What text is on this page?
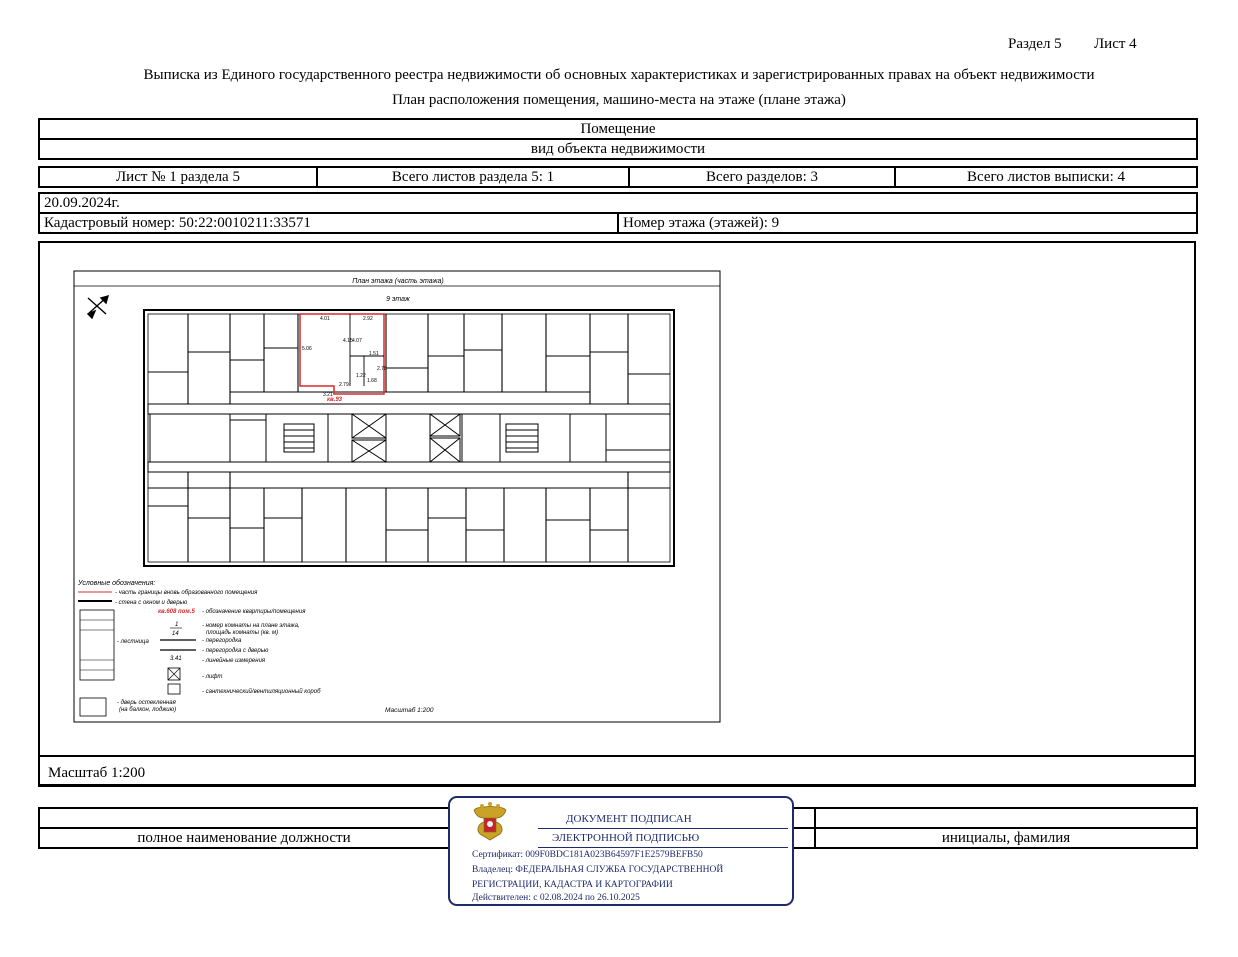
Раздел 5 Лист 4
Выписка из Единого государственного реестра недвижимости об основных характеристиках и зарегистрированных правах на объект недвижимости
План расположения помещения, машино-места на этаже (плане этажа)
Помещение
вид объекта недвижимости
Лист № 1 раздела 5	Всего листов раздела 5: 1	Всего разделов: 3	Всего листов выписки: 4
20.09.2024г.
Кадастровый номер: 50:22:0010211:33571	Номер этажа (этажей): 9
План этажа (часть этажа)
9 этаж
4.01	2.92
5.06
4.15 4.07
1.51
1.68
2.79
2.78
1.22
3.21
кв.93
Условные обозначения:
- часть границы вновь образованного помещения
- стена с окном и дверью
кв.608 пом.5 - обозначение квартиры/помещения
1
14
- номер комнаты на плане этажа,
площадь комнаты (кв. м)
- перегородка
- перегородка с дверью
3.41	- линейные измерения
- лестница
- лифт
- сантехнический/вентиляционный короб
- дверь остекленная
(на балкон, лоджию)	Масштаб 1:200
Масштаб 1:200

полное наименование должности		инициалы, фамилия
ДОКУМЕНТ ПОДПИСАН
ЭЛЕКТРОННОЙ ПОДПИСЬЮ
Сертификат: 009F0BDC181A023B64597F1E2579BEFB50
Владелец: ФЕДЕРАЛЬНАЯ СЛУЖБА ГОСУДАРСТВЕННОЙ
РЕГИСТРАЦИИ, КАДАСТРА И КАРТОГРАФИИ
Действителен: с 02.08.2024 по 26.10.2025
